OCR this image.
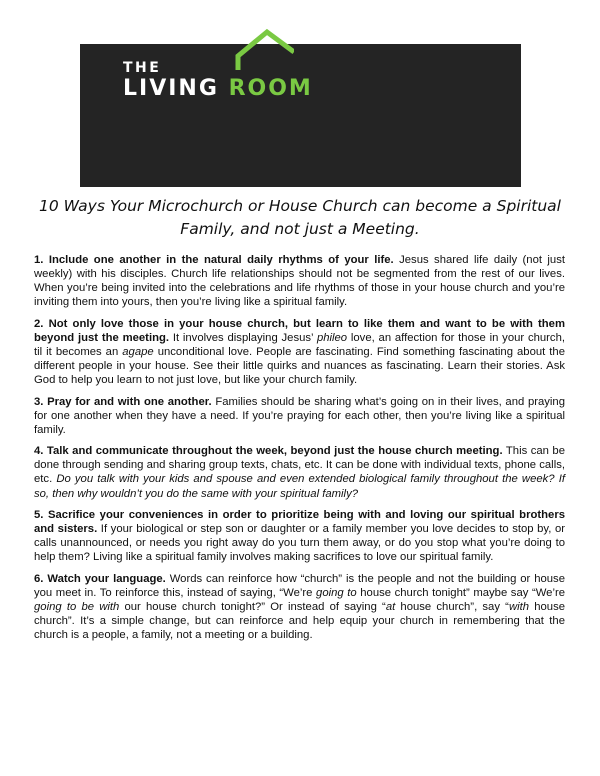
THE
LIVING ROOM
10 Ways Your Microchurch or House Church can become a Spiritual Family, and not just a Meeting.

1. Include one another in the natural daily rhythms of your life. Jesus shared life daily (not just weekly) with his disciples. Church life relationships should not be segmented from the rest of our lives. When you’re being invited into the celebrations and life rhythms of those in your house church and you’re inviting them into yours, then you’re living like a spiritual family.

2. Not only love those in your house church, but learn to like them and want to be with them beyond just the meeting. It involves displaying Jesus’ phileo love, an affection for those in your church, til it becomes an agape unconditional love. People are fascinating. Find something fascinating about the different people in your house. See their little quirks and nuances as fascinating. Learn their stories. Ask God to help you learn to not just love, but like your church family.

3. Pray for and with one another. Families should be sharing what’s going on in their lives, and praying for one another when they have a need. If you’re praying for each other, then you’re living like a spiritual family.

4. Talk and communicate throughout the week, beyond just the house church meeting. This can be done through sending and sharing group texts, chats, etc. It can be done with individual texts, phone calls, etc. Do you talk with your kids and spouse and even extended biological family throughout the week? If so, then why wouldn’t you do the same with your spiritual family?

5. Sacrifice your conveniences in order to prioritize being with and loving our spiritual brothers and sisters. If your biological or step son or daughter or a family member you love decides to stop by, or calls unannounced, or needs you right away do you turn them away, or do you stop what you’re doing to help them? Living like a spiritual family involves making sacrifices to love our spiritual family.

6. Watch your language. Words can reinforce how “church” is the people and not the building or house you meet in. To reinforce this, instead of saying, “We’re going to house church tonight” maybe say “We’re going to be with our house church tonight?” Or instead of saying “at house church”, say “with house church”. It’s a simple change, but can reinforce and help equip your church in remembering that the church is a people, a family, not a meeting or a building.
